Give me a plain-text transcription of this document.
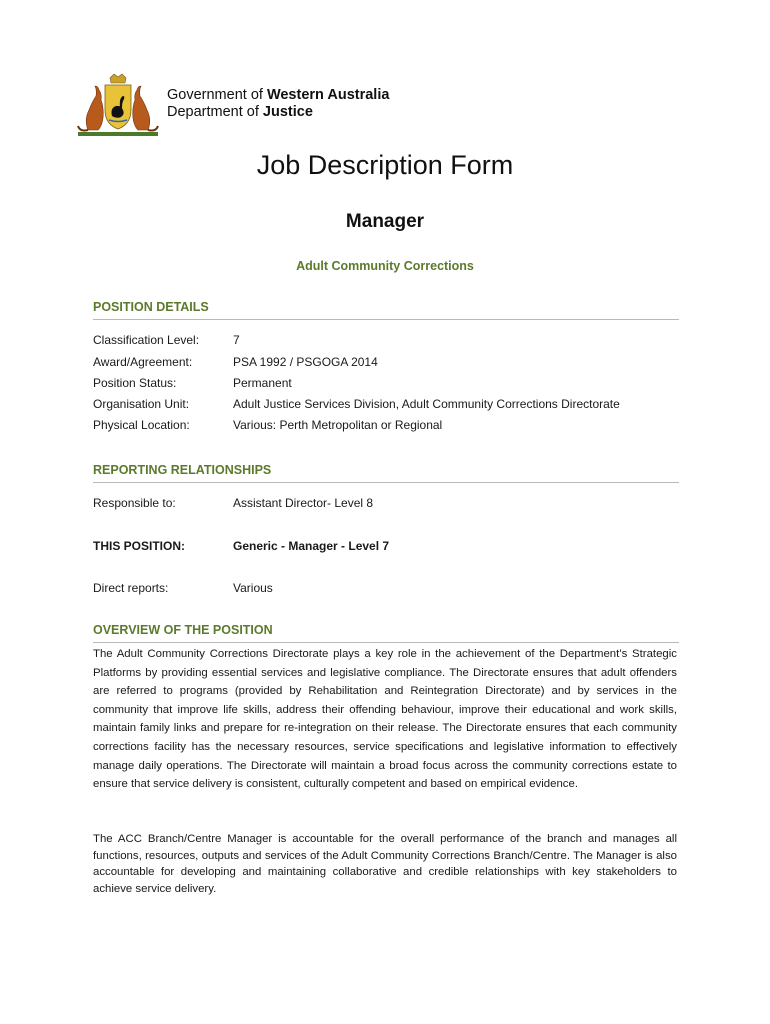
Government of Western Australia
Department of Justice
Job Description Form
Manager
Adult Community Corrections
POSITION DETAILS
Classification Level:	7
Award/Agreement:	PSA 1992 / PSGOGA 2014
Position Status:	Permanent
Organisation Unit:	Adult Justice Services Division, Adult Community Corrections Directorate
Physical Location:	Various: Perth Metropolitan or Regional
REPORTING RELATIONSHIPS
Responsible to:	Assistant Director- Level 8
THIS POSITION:	Generic - Manager - Level 7
Direct reports:	Various
OVERVIEW OF THE POSITION
The Adult Community Corrections Directorate plays a key role in the achievement of the Department’s Strategic Platforms by providing essential services and legislative compliance. The Directorate ensures that adult offenders are referred to programs (provided by Rehabilitation and Reintegration Directorate) and by services in the community that improve life skills, address their offending behaviour, improve their educational and work skills, maintain family links and prepare for re-integration on their release. The Directorate ensures that each community corrections facility has the necessary resources, service specifications and legislative information to effectively manage daily operations. The Directorate will maintain a broad focus across the community corrections estate to ensure that service delivery is consistent, culturally competent and based on empirical evidence.
The ACC Branch/Centre Manager is accountable for the overall performance of the branch and manages all functions, resources, outputs and services of the Adult Community Corrections Branch/Centre. The Manager is also accountable for developing and maintaining collaborative and credible relationships with key stakeholders to achieve service delivery.
